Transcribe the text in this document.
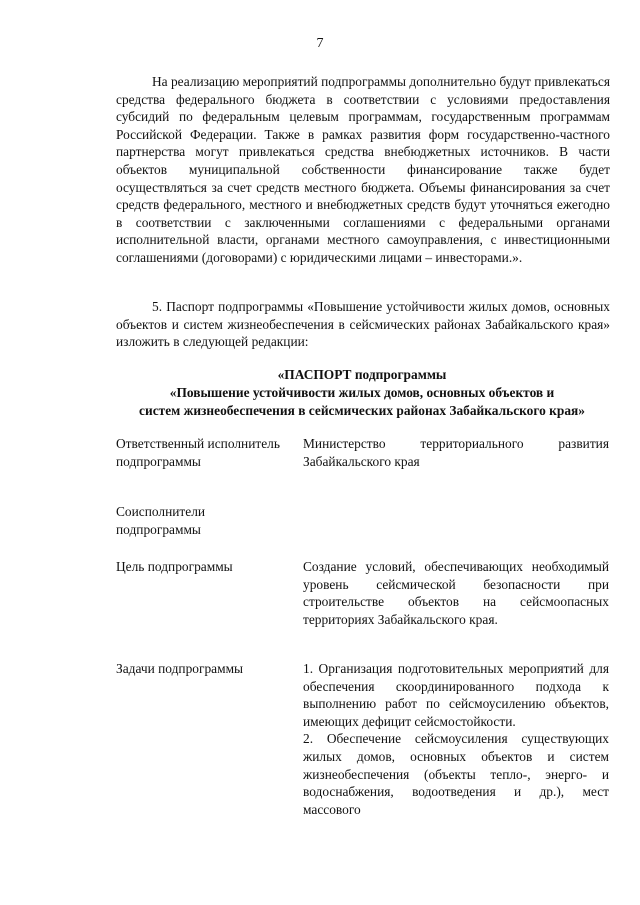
7

На реализацию мероприятий подпрограммы дополнительно будут привлекаться средства федерального бюджета в соответствии с условиями предоставления субсидий по федеральным целевым программам, государственным программам Российской Федерации. Также в рамках развития форм государственно-частного партнерства могут привлекаться средства внебюджетных источников. В части объектов муниципальной собственности финансирование также будет осуществляться за счет средств местного бюджета. Объемы финансирования за счет средств федерального, местного и внебюджетных средств будут уточняться ежегодно в соответствии с заключенными соглашениями с федеральными органами исполнительной власти, органами местного самоуправления, с инвестиционными соглашениями (договорами) с юридическими лицами – инвесторами.».

5. Паспорт подпрограммы «Повышение устойчивости жилых домов, основных объектов и систем жизнеобеспечения в сейсмических районах Забайкальского края» изложить в следующей редакции:

«ПАСПОРТ подпрограммы
«Повышение устойчивости жилых домов, основных объектов и
систем жизнеобеспечения в сейсмических районах Забайкальского края»
Ответственный исполнитель подпрограммы
Министерство территориального развития Забайкальского края
Соисполнители подпрограммы
Цель подпрограммы	Создание условий, обеспечивающих необходимый уровень сейсмической безопасности при строительстве объектов на сейсмоопасных территориях Забайкальского края.
Задачи подпрограммы	1. Организация подготовительных мероприятий для обеспечения скоординированного подхода к выполнению работ по сейсмоусилению объектов, имеющих дефицит сейсмостойкости.

2. Обеспечение сейсмоусиления существующих жилых домов, основных объектов и систем жизнеобеспечения (объекты тепло-, энерго- и водоснабжения, водоотведения и др.), мест массового
